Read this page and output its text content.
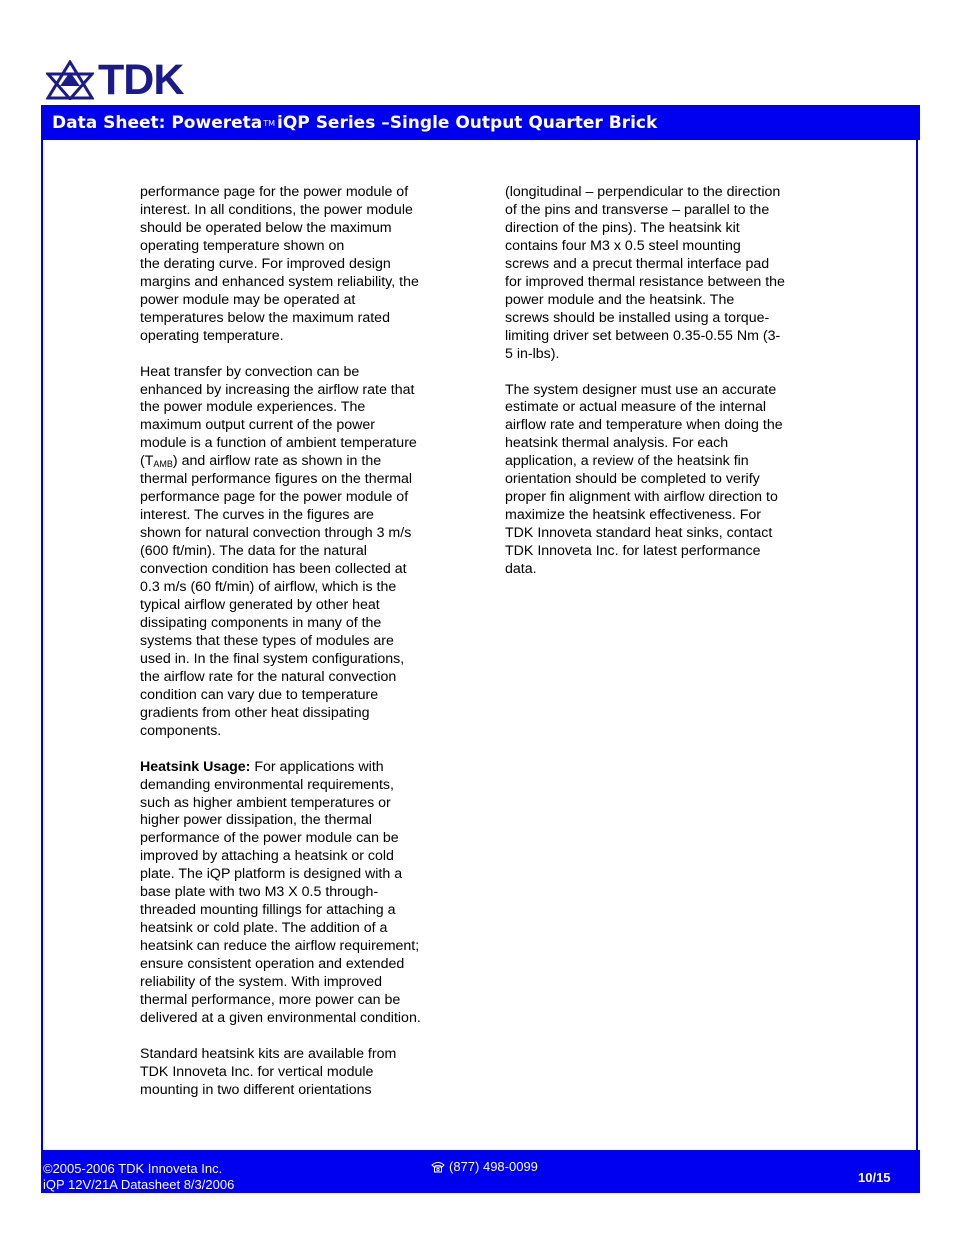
TDK
Data Sheet: PoweretaTM iQP Series –Single Output Quarter Brick

performance page for the power module of
interest. In all conditions, the power module
should be operated below the maximum
operating temperature shown on
the derating curve. For improved design
margins and enhanced system reliability, the
power module may be operated at
temperatures below the maximum rated
operating temperature.

Heat transfer by convection can be
enhanced by increasing the airflow rate that
the power module experiences. The
maximum output current of the power
module is a function of ambient temperature
$(T_{AMB})$ and airflow rate as shown in the
thermal performance figures on the thermal
performance page for the power module of
interest. The curves in the figures are
shown for natural convection through 3 m/s
(600 ft/min). The data for the natural
convection condition has been collected at
0.3 m/s (60 ft/min) of airflow, which is the
typical airflow generated by other heat
dissipating components in many of the
systems that these types of modules are
used in. In the final system configurations,
the airflow rate for the natural convection
condition can vary due to temperature
gradients from other heat dissipating
components.

Heatsink Usage: For applications with
demanding environmental requirements,
such as higher ambient temperatures or
higher power dissipation, the thermal
performance of the power module can be
improved by attaching a heatsink or cold
plate. The iQP platform is designed with a
base plate with two M3 X 0.5 through-
threaded mounting fillings for attaching a
heatsink or cold plate. The addition of a
heatsink can reduce the airflow requirement;
ensure consistent operation and extended
reliability of the system. With improved
thermal performance, more power can be
delivered at a given environmental condition.

Standard heatsink kits are available from
TDK Innoveta Inc. for vertical module
mounting in two different orientations

(longitudinal – perpendicular to the direction
of the pins and transverse – parallel to the
direction of the pins). The heatsink kit
contains four M3 x 0.5 steel mounting
screws and a precut thermal interface pad
for improved thermal resistance between the
power module and the heatsink. The
screws should be installed using a torque-
limiting driver set between 0.35-0.55 Nm (3-
5 in-lbs).

The system designer must use an accurate
estimate or actual measure of the internal
airflow rate and temperature when doing the
heatsink thermal analysis. For each
application, a review of the heatsink fin
orientation should be completed to verify
proper fin alignment with airflow direction to
maximize the heatsink effectiveness. For
TDK Innoveta standard heat sinks, contact
TDK Innoveta Inc. for latest performance
data.

©2005-2006 TDK Innoveta Inc.
iQP 12V/21A Datasheet 8/3/2006
(877) 498-0099
10/15
